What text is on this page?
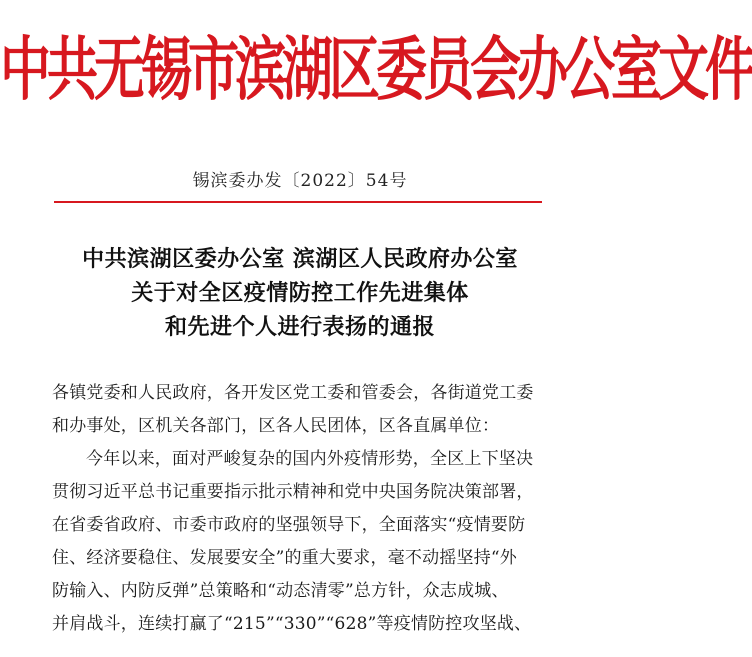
中共无锡市滨湖区委员会办公室文件
锡滨委办发〔2022〕54号
中共滨湖区委办公室 滨湖区人民政府办公室
关于对全区疫情防控工作先进集体
和先进个人进行表扬的通报
各镇党委和人民政府，各开发区党工委和管委会，各街道党工委
和办事处，区机关各部门，区各人民团体，区各直属单位：
今年以来，面对严峻复杂的国内外疫情形势，全区上下坚决
贯彻习近平总书记重要指示批示精神和党中央国务院决策部署，
在省委省政府、市委市政府的坚强领导下，全面落实“疫情要防
住、经济要稳住、发展要安全”的重大要求，毫不动摇坚持“外
防输入、内防反弹”总策略和“动态清零”总方针，众志成城、
并肩战斗，连续打赢了“215”“330”“628”等疫情防控攻坚战、
